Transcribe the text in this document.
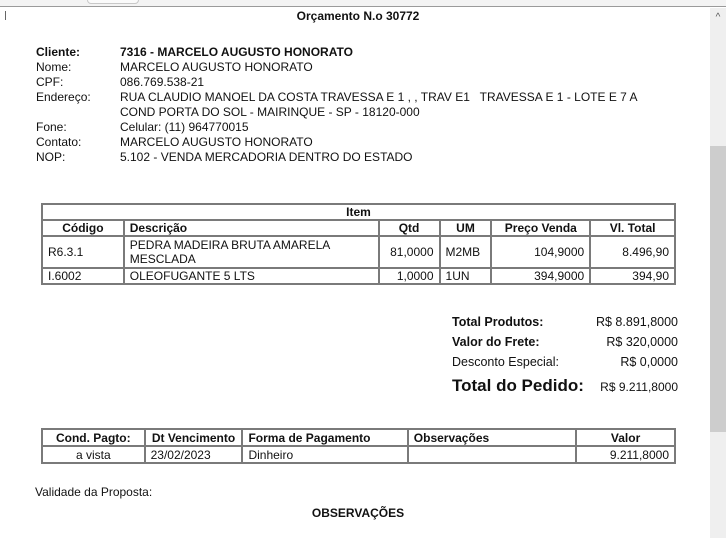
^
Orçamento N.o 30772
Cliente:	7316 - MARCELO AUGUSTO HONORATO
Nome:	MARCELO AUGUSTO HONORATO
CPF:	086.769.538-21
Endereço:	RUA CLAUDIO MANOEL DA COSTA TRAVESSA E 1 , , TRAV E1   TRAVESSA E 1 - LOTE E 7 A
COND PORTA DO SOL - MAIRINQUE - SP - 18120-000
Fone:	Celular: (11) 964770015
Contato:	MARCELO AUGUSTO HONORATO
NOP:	5.102 - VENDA MERCADORIA DENTRO DO ESTADO
Item					
Código	Descrição	Qtd	UM	Preço Venda	Vl. Total
R6.3.1	PEDRA MADEIRA BRUTA AMARELA MESCLADA	81,0000	M2MB	104,9000	8.496,90
I.6002	OLEOFUGANTE 5 LTS	1,0000	1UN	394,9000	394,90
Total Produtos:	R$ 8.891,8000
Valor do Frete:	R$ 320,0000
Desconto Especial:	R$ 0,0000
Total do Pedido: R$ 9.211,8000
Cond. Pagto:	Dt Vencimento	Forma de Pagamento	Observações	Valor
a vista	23/02/2023	Dinheiro		9.211,8000
Validade da Proposta:
OBSERVAÇÕES
